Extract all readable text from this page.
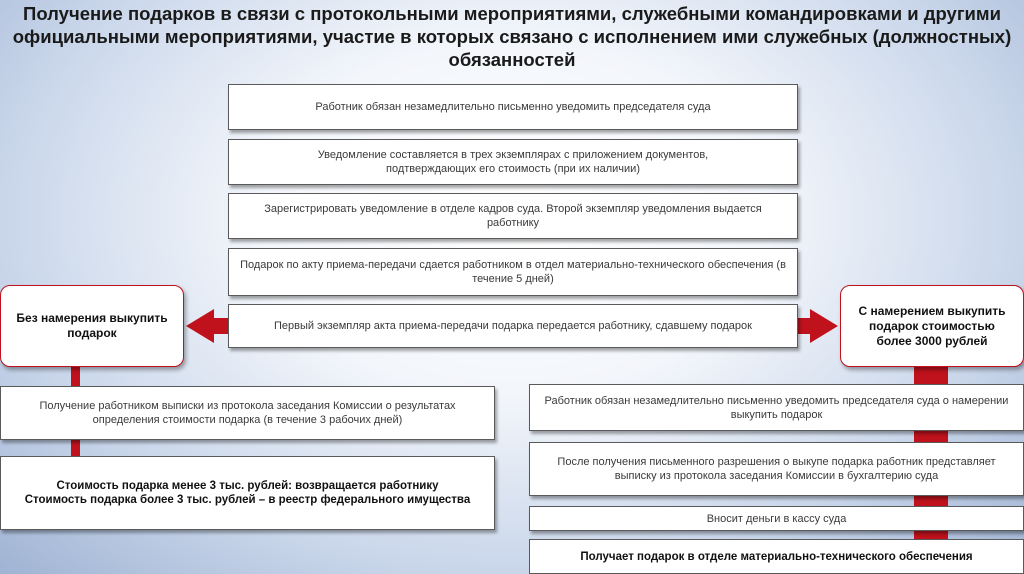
Получение подарков в связи с протокольными мероприятиями, служебными командировками и другими официальными мероприятиями, участие в которых связано с исполнением ими служебных (должностных) обязанностей
Работник обязан незамедлительно письменно уведомить председателя суда
Уведомление составляется в трех экземплярах с приложением документов, подтверждающих его стоимость (при их наличии)
Зарегистрировать уведомление в отделе кадров суда. Второй экземпляр уведомления выдается работнику
Подарок по акту приема-передачи сдается работником в отдел материально-технического обеспечения (в течение 5 дней)
Первый экземпляр акта приема-передачи подарка передается работнику, сдавшему подарок
Без намерения выкупить подарок
Получение работником выписки из протокола заседания Комиссии о результатах определения стоимости подарка (в течение 3 рабочих дней)
Стоимость подарка менее 3 тыс. рублей: возвращается работнику
Стоимость подарка более 3 тыс. рублей – в реестр федерального имущества
С намерением выкупить подарок стоимостью более 3000 рублей
Работник обязан незамедлительно письменно уведомить председателя суда о намерении выкупить подарок
После получения письменного разрешения о выкупе подарка работник представляет выписку из протокола заседания Комиссии в бухгалтерию суда
Вносит деньги в кассу суда
Получает подарок в отделе материально-технического обеспечения
